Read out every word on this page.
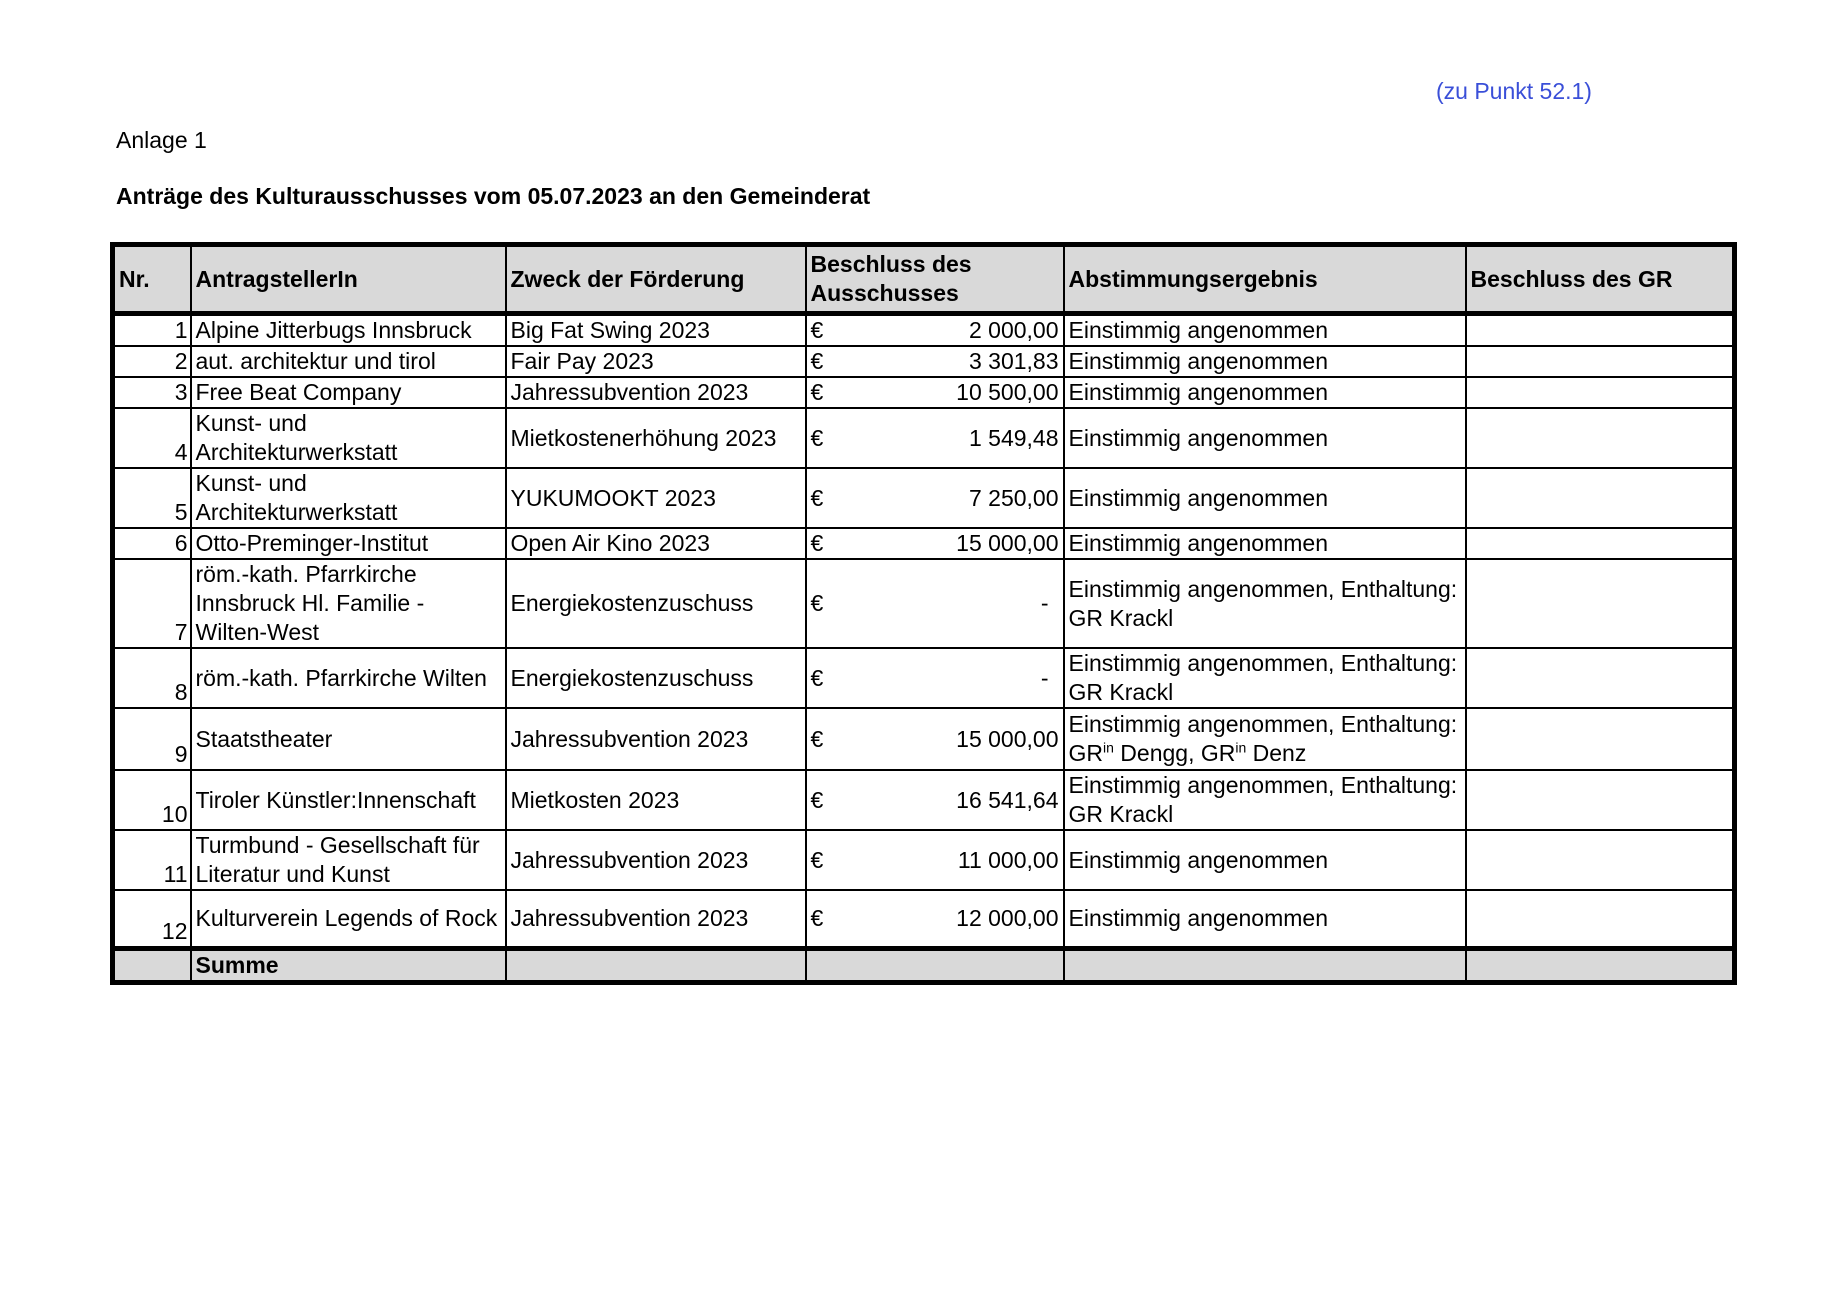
(zu Punkt 52.1)
Anlage 1
Anträge des Kulturausschusses vom 05.07.2023 an den Gemeinderat
Nr.	AntragstellerIn	Zweck der Förderung	Beschluss des Ausschusses	Abstimmungsergebnis	Beschluss des GR
1	Alpine Jitterbugs Innsbruck	Big Fat Swing 2023	€ 2 000,00	Einstimmig angenommen	
2	aut. architektur und tirol	Fair Pay 2023	€ 3 301,83	Einstimmig angenommen	
3	Free Beat Company	Jahressubvention 2023	€ 10 500,00	Einstimmig angenommen	
4	Kunst- und Architekturwerkstatt	Mietkostenerhöhung 2023	€ 1 549,48	Einstimmig angenommen	
5	Kunst- und Architekturwerkstatt	YUKUMOOKT 2023	€ 7 250,00	Einstimmig angenommen	
6	Otto-Preminger-Institut	Open Air Kino 2023	€ 15 000,00	Einstimmig angenommen	
7	röm.-kath. Pfarrkirche Innsbruck Hl. Familie - Wilten-West	Energiekostenzuschuss	€ -	Einstimmig angenommen, Enthaltung: GR Krackl	
8	röm.-kath. Pfarrkirche Wilten	Energiekostenzuschuss	€ -	Einstimmig angenommen, Enthaltung: GR Krackl	
9	Staatstheater	Jahressubvention 2023	€ 15 000,00	Einstimmig angenommen, Enthaltung:
$GR^{in}$ Dengg, $GR^{in}$ Denz	
10	Tiroler Künstler:Innenschaft	Mietkosten 2023	€ 16 541,64	Einstimmig angenommen, Enthaltung: GR Krackl	
11	Turmbund - Gesellschaft für Literatur und Kunst	Jahressubvention 2023	€ 11 000,00	Einstimmig angenommen	
12	Kulturverein Legends of Rock	Jahressubvention 2023	€ 12 000,00	Einstimmig angenommen	
	Summe				
